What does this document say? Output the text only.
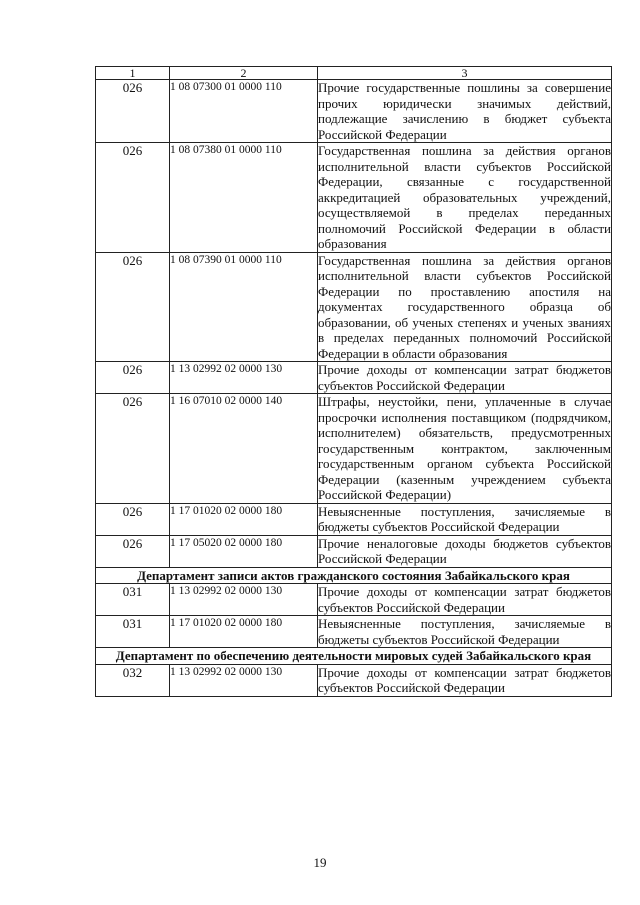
1	2	3
026	1 08 07300 01 0000 110	Прочие государственные пошлины за совершение прочих юридически значимых действий, подлежащие зачислению в бюджет субъекта Российской Федерации
026	1 08 07380 01 0000 110	Государственная пошлина за действия органов исполнительной власти субъектов Российской Федерации, связанные с государственной аккредитацией образовательных учреждений, осуществляемой в пределах переданных полномочий Российской Федерации в области образования
026	1 08 07390 01 0000 110	Государственная пошлина за действия органов исполнительной власти субъектов Российской Федерации по проставлению апостиля на документах государственного образца об образовании, об ученых степенях и ученых званиях в пределах переданных полномочий Российской Федерации в области образования
026	1 13 02992 02 0000 130	Прочие доходы от компенсации затрат бюджетов субъектов Российской Федерации
026	1 16 07010 02 0000 140	Штрафы, неустойки, пени, уплаченные в случае просрочки исполнения поставщиком (подрядчиком, исполнителем) обязательств, предусмотренных государственным контрактом, заключенным государственным органом субъекта Российской Федерации (казенным учреждением субъекта Российской Федерации)
026	1 17 01020 02 0000 180	Невыясненные поступления, зачисляемые в бюджеты субъектов Российской Федерации
026	1 17 05020 02 0000 180	Прочие неналоговые доходы бюджетов субъектов Российской Федерации
Департамент записи актов гражданского состояния Забайкальского края		
031	1 13 02992 02 0000 130	Прочие доходы от компенсации затрат бюджетов субъектов Российской Федерации
031	1 17 01020 02 0000 180	Невыясненные поступления, зачисляемые в бюджеты субъектов Российской Федерации
Департамент по обеспечению деятельности мировых судей Забайкальского края		
032	1 13 02992 02 0000 130	Прочие доходы от компенсации затрат бюджетов субъектов Российской Федерации
19
